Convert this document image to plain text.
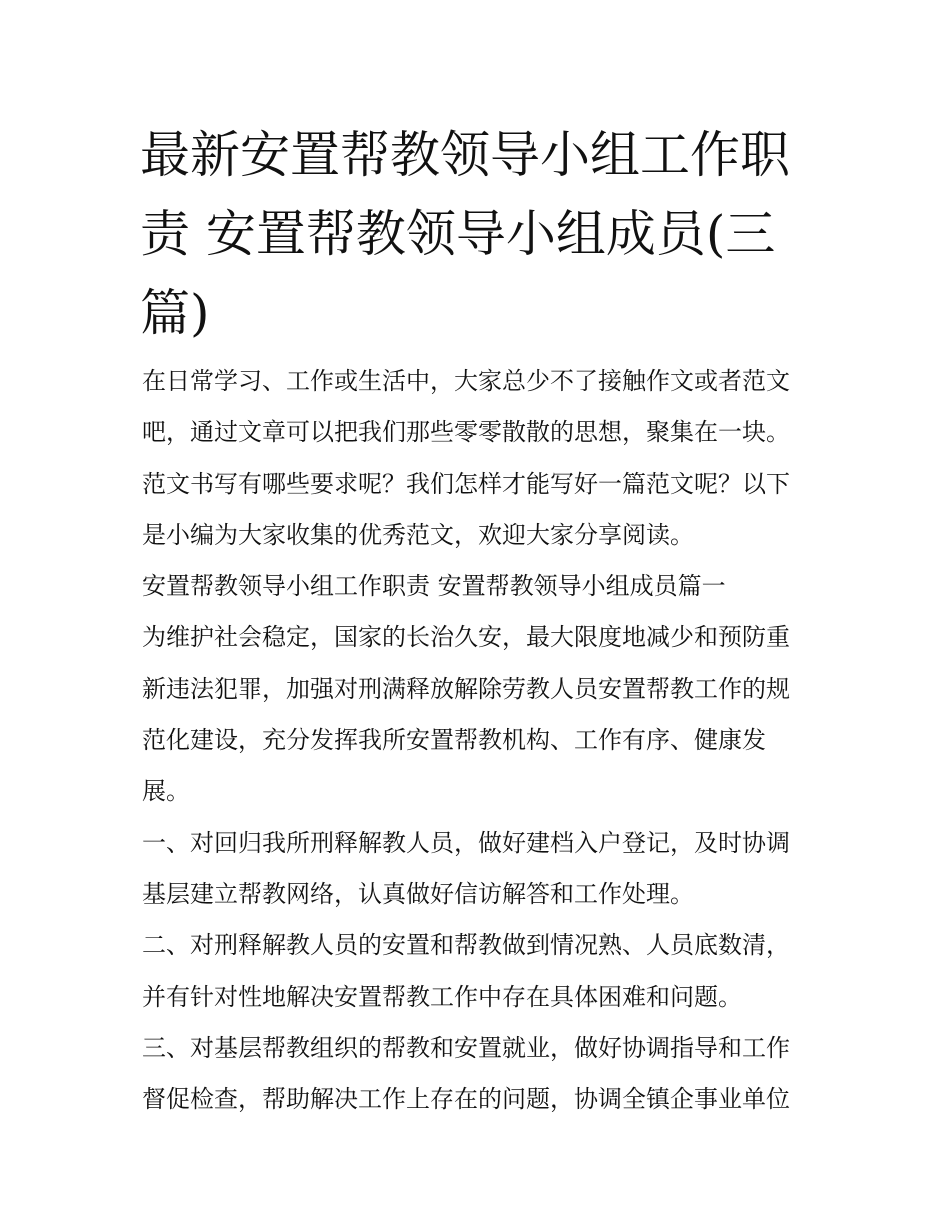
最新安置帮教领导小组工作职
责 安置帮教领导小组成员(三
篇)
在日常学习、工作或生活中，大家总少不了接触作文或者范文
吧，通过文章可以把我们那些零零散散的思想，聚集在一块。
范文书写有哪些要求呢？我们怎样才能写好一篇范文呢？以下
是小编为大家收集的优秀范文，欢迎大家分享阅读。
安置帮教领导小组工作职责 安置帮教领导小组成员篇一
为维护社会稳定，国家的长治久安，最大限度地减少和预防重
新违法犯罪，加强对刑满释放解除劳教人员安置帮教工作的规
范化建设，充分发挥我所安置帮教机构、工作有序、健康发
展。
一、对回归我所刑释解教人员，做好建档入户登记，及时协调
基层建立帮教网络，认真做好信访解答和工作处理。
二、对刑释解教人员的安置和帮教做到情况熟、人员底数清，
并有针对性地解决安置帮教工作中存在具体困难和问题。
三、对基层帮教组织的帮教和安置就业，做好协调指导和工作
督促检查，帮助解决工作上存在的问题，协调全镇企事业单位
